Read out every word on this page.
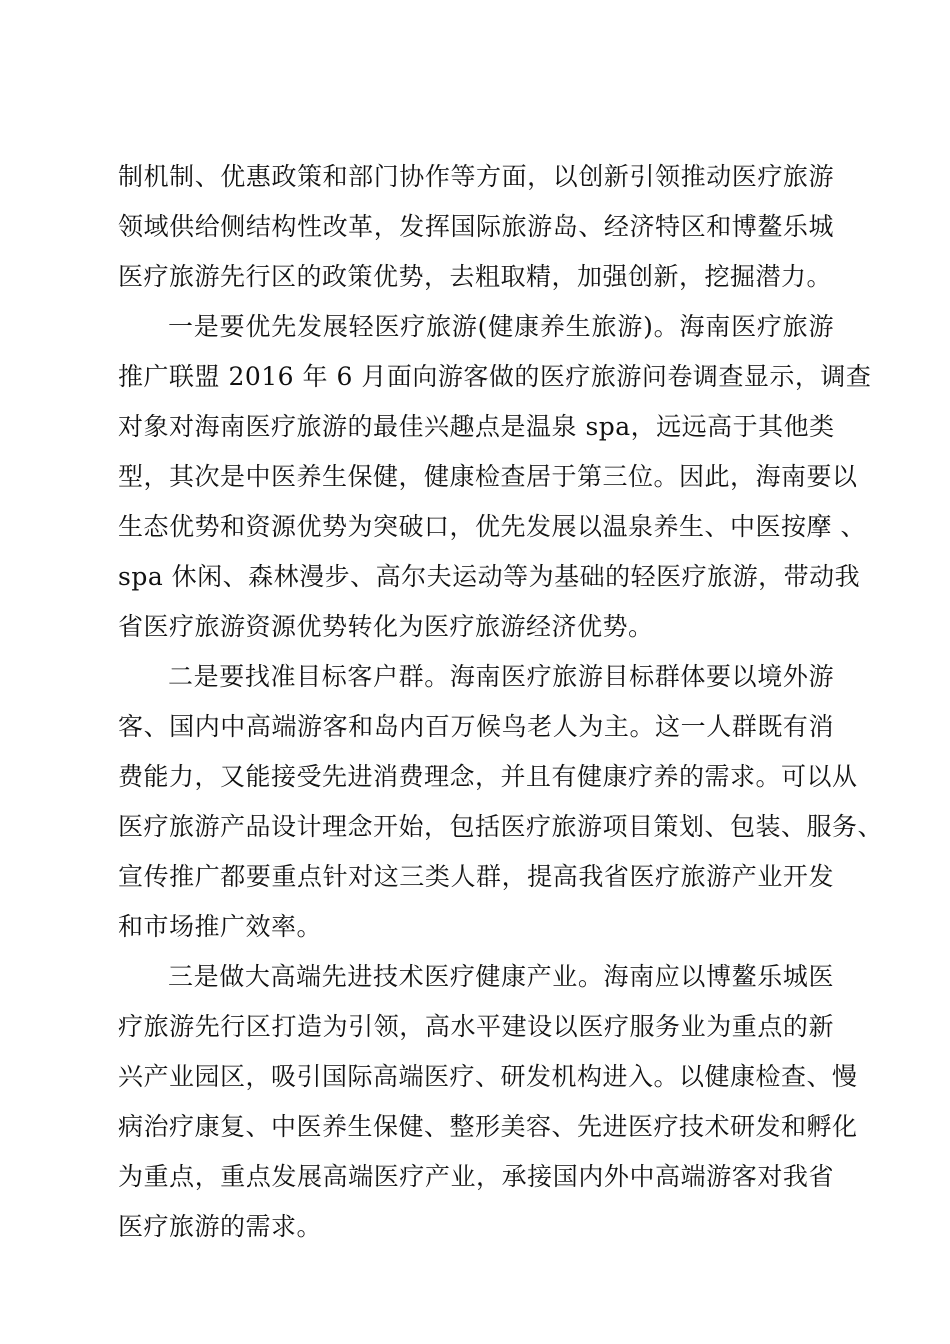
制机制、优惠政策和部门协作等方面，以创新引领推动医疗旅游
领域供给侧结构性改革，发挥国际旅游岛、经济特区和博鳌乐城
医疗旅游先行区的政策优势，去粗取精，加强创新，挖掘潜力。
一是要优先发展轻医疗旅游(健康养生旅游)。海南医疗旅游
推广联盟 2016 年 6 月面向游客做的医疗旅游问卷调查显示，调查
对象对海南医疗旅游的最佳兴趣点是温泉 spa，远远高于其他类
型，其次是中医养生保健，健康检查居于第三位。因此，海南要以
生态优势和资源优势为突破口，优先发展以温泉养生、中医按摩 、
spa 休闲、森林漫步、高尔夫运动等为基础的轻医疗旅游，带动我
省医疗旅游资源优势转化为医疗旅游经济优势。
二是要找准目标客户群。海南医疗旅游目标群体要以境外游
客、国内中高端游客和岛内百万候鸟老人为主。这一人群既有消
费能力，又能接受先进消费理念，并且有健康疗养的需求。可以从
医疗旅游产品设计理念开始，包括医疗旅游项目策划、包装、服务、
宣传推广都要重点针对这三类人群，提高我省医疗旅游产业开发
和市场推广效率。
三是做大高端先进技术医疗健康产业。海南应以博鳌乐城医
疗旅游先行区打造为引领，高水平建设以医疗服务业为重点的新
兴产业园区，吸引国际高端医疗、研发机构进入。以健康检查、慢
病治疗康复、中医养生保健、整形美容、先进医疗技术研发和孵化
为重点，重点发展高端医疗产业，承接国内外中高端游客对我省
医疗旅游的需求。
